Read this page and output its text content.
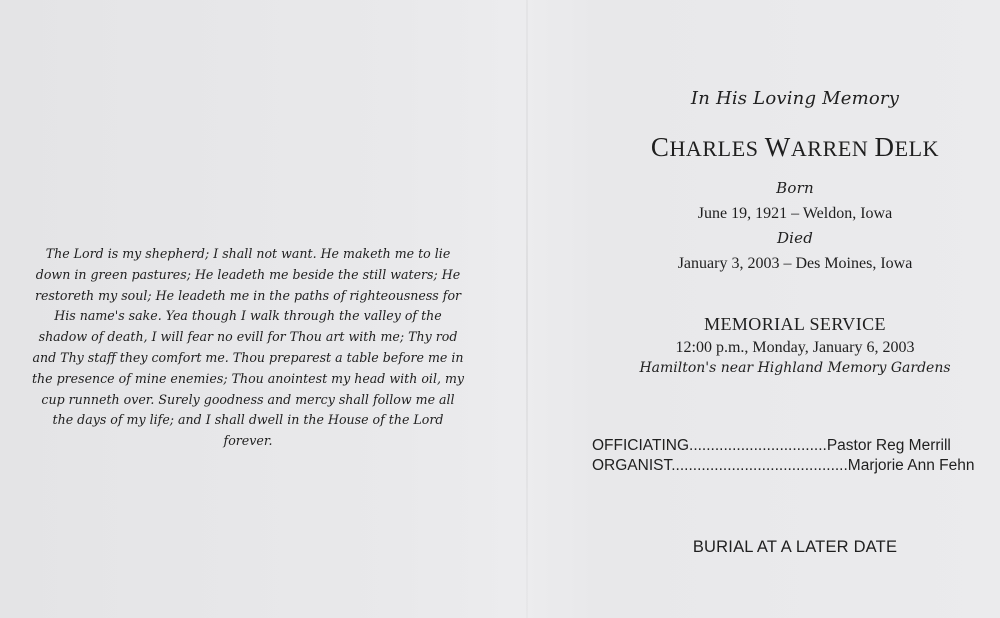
The Lord is my shepherd; I shall not want. He maketh me to lie
down in green pastures; He leadeth me beside the still waters; He
restoreth my soul; He leadeth me in the paths of righteousness for
His name's sake. Yea though I walk through the valley of the
shadow of death, I will fear no evill for Thou art with me; Thy rod
and Thy staff they comfort me. Thou preparest a table before me in
the presence of mine enemies; Thou anointest my head with oil, my
cup runneth over. Surely goodness and mercy shall follow me all
the days of my life; and I shall dwell in the House of the Lord
forever.
In His Loving Memory
CHARLES WARREN DELK
Born
June 19, 1921 – Weldon, Iowa
Died
January 3, 2003 – Des Moines, Iowa
MEMORIAL SERVICE
12:00 p.m., Monday, January 6, 2003
Hamilton's near Highland Memory Gardens
OFFICIATING................................Pastor Reg Merrill
ORGANIST.........................................Marjorie Ann Fehn
BURIAL AT A LATER DATE
